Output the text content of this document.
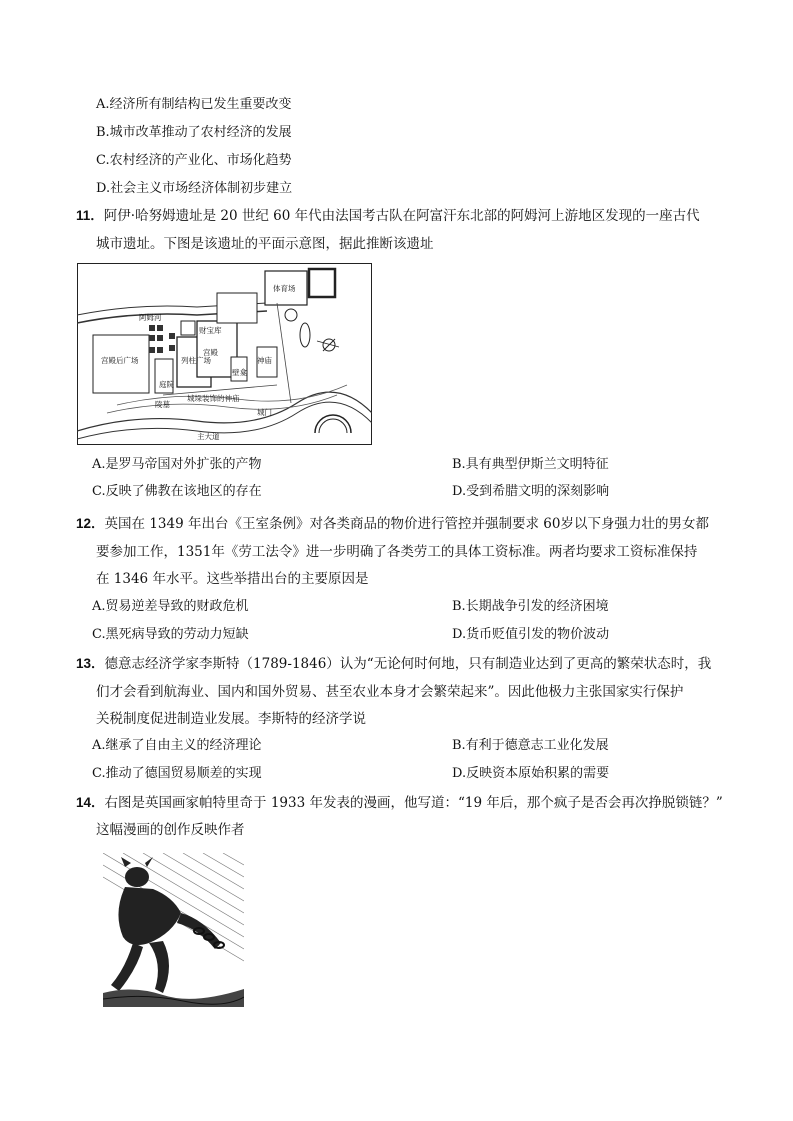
A.经济所有制结构已发生重要改变
B.城市改革推动了农村经济的发展
C.农村经济的产业化、市场化趋势
D.社会主义市场经济体制初步建立
11．阿伊·哈努姆遗址是 20 世纪 60 年代由法国考古队在阿富汗东北部的阿姆河上游地区发现的一座古代
城市遗址。下图是该遗址的平面示意图，据此推断该遗址
阿姆河
体育场
财宝库
宫殿后广场
庭院
列柱广场
宫殿
神庙
壁龛
陵墓
城垛装饰的神庙
城门
主大道
A.是罗马帝国对外扩张的产物	B.具有典型伊斯兰文明特征
C.反映了佛教在该地区的存在	D.受到希腊文明的深刻影响
12．英国在 1349 年出台《王室条例》对各类商品的物价进行管控并强制要求 60岁以下身强力壮的男女都
要参加工作，1351年《劳工法令》进一步明确了各类劳工的具体工资标准。两者均要求工资标准保持
在 1346 年水平。这些举措出台的主要原因是
A.贸易逆差导致的财政危机	B.长期战争引发的经济困境
C.黑死病导致的劳动力短缺	D.货币贬值引发的物价波动
13．德意志经济学家李斯特（1789-1846）认为“无论何时何地，只有制造业达到了更高的繁荣状态时，我
们才会看到航海业、国内和国外贸易、甚至农业本身才会繁荣起来”。因此他极力主张国家实行保护
关税制度促进制造业发展。李斯特的经济学说
A.继承了自由主义的经济理论	B.有利于德意志工业化发展
C.推动了德国贸易顺差的实现	D.反映资本原始积累的需要
14．右图是英国画家帕特里奇于 1933 年发表的漫画，他写道：“19 年后，那个疯子是否会再次挣脱锁链？”
这幅漫画的创作反映作者
